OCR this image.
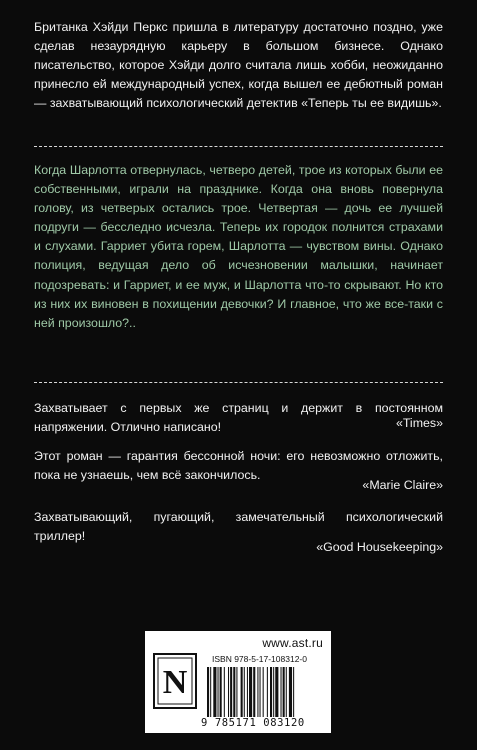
Британка Хэйди Перкс пришла в литературу достаточно поздно, уже сделав незаурядную карьеру в большом бизнесе. Однако писательство, которое Хэйди долго считала лишь хобби, неожиданно принесло ей международный успех, когда вышел ее дебютный роман — захватывающий психологический детектив «Теперь ты ее видишь».

Когда Шарлотта отвернулась, четверо детей, трое из которых были ее собственными, играли на празднике. Когда она вновь повернула голову, из четверых остались трое. Четвертая — дочь ее лучшей подруги — бесследно исчезла. Теперь их городок полнится страхами и слухами. Гарриет убита горем, Шарлотта — чувством вины. Однако полиция, ведущая дело об исчезновении малышки, начинает подозревать: и Гарриет, и ее муж, и Шарлотта что-то скрывают. Но кто из них их виновен в похищении девочки? И главное, что же все-таки с ней произошло?..

Захватывает с первых же страниц и держит в постоянном напряжении. Отлично написано!	«Times»

Этот роман — гарантия бессонной ночи: его невозможно отложить, пока не узнаешь, чем всё закончилось.

«Marie Claire»

Захватывающий, пугающий, замечательный психологический триллер!

«Good Housekeeping»
www.ast.ru
N
ISBN 978-5-17-108312-0
9 785171 083120
